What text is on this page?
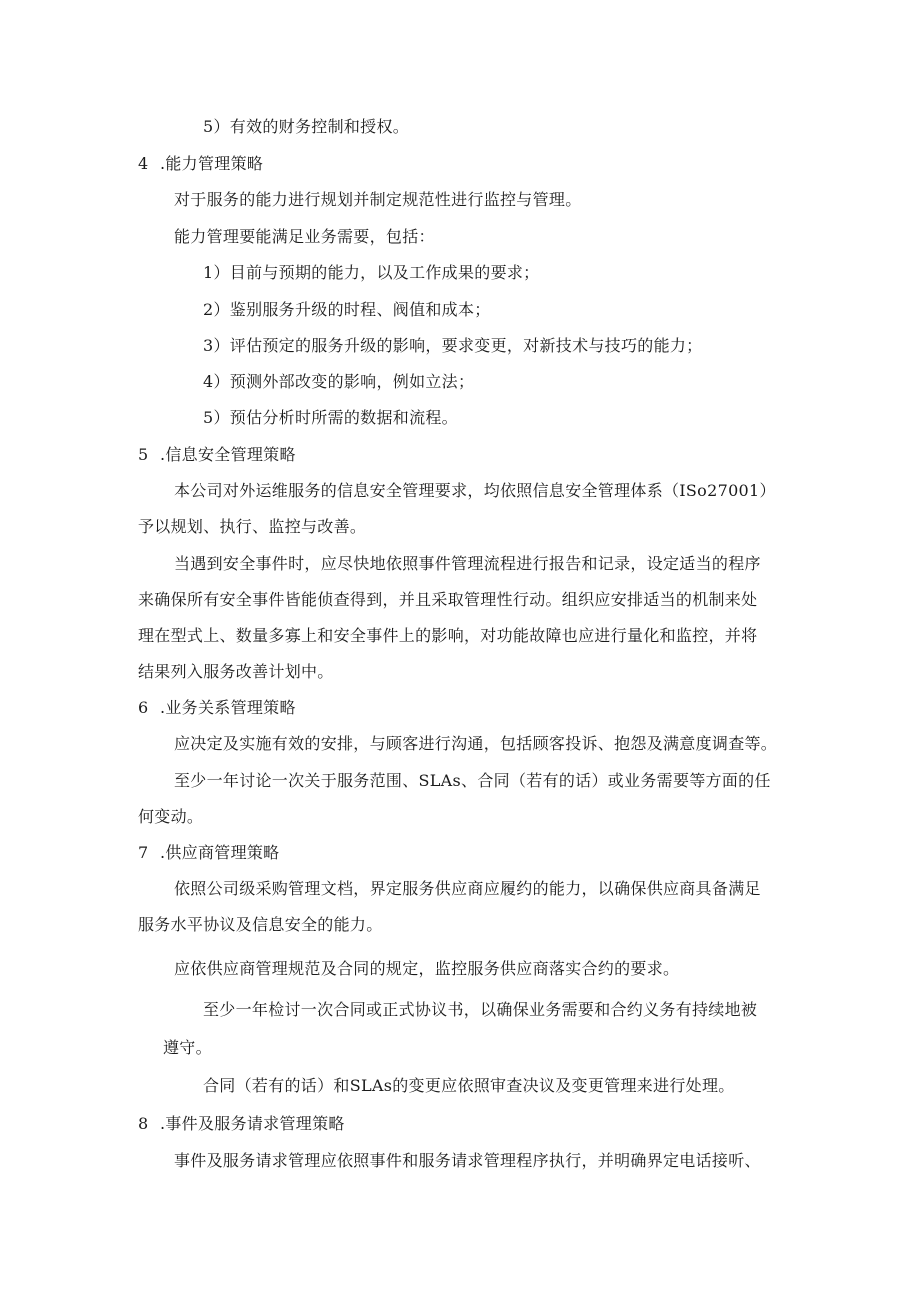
5）有效的财务控制和授权。
4 .能力管理策略
对于服务的能力进行规划并制定规范性进行监控与管理。
能力管理要能满足业务需要，包括：
1）目前与预期的能力，以及工作成果的要求；
2）鉴别服务升级的时程、阀值和成本；
3）评估预定的服务升级的影响，要求变更，对新技术与技巧的能力；
4）预测外部改变的影响，例如立法；
5）预估分析时所需的数据和流程。
5 .信息安全管理策略
本公司对外运维服务的信息安全管理要求，均依照信息安全管理体系（ISo27001）
予以规划、执行、监控与改善。
当遇到安全事件时，应尽快地依照事件管理流程进行报告和记录，设定适当的程序
来确保所有安全事件皆能侦查得到，并且采取管理性行动。组织应安排适当的机制来处
理在型式上、数量多寡上和安全事件上的影响，对功能故障也应进行量化和监控，并将
结果列入服务改善计划中。
6 .业务关系管理策略
应决定及实施有效的安排，与顾客进行沟通，包括顾客投诉、抱怨及满意度调查等。
至少一年讨论一次关于服务范围、SLAs、合同（若有的话）或业务需要等方面的任
何变动。
7 .供应商管理策略
依照公司级采购管理文档，界定服务供应商应履约的能力，以确保供应商具备满足
服务水平协议及信息安全的能力。
应依供应商管理规范及合同的规定，监控服务供应商落实合约的要求。
至少一年检讨一次合同或正式协议书，以确保业务需要和合约义务有持续地被
遵守。
合同（若有的话）和SLAs的变更应依照审查决议及变更管理来进行处理。
8 .事件及服务请求管理策略
事件及服务请求管理应依照事件和服务请求管理程序执行，并明确界定电话接听、
